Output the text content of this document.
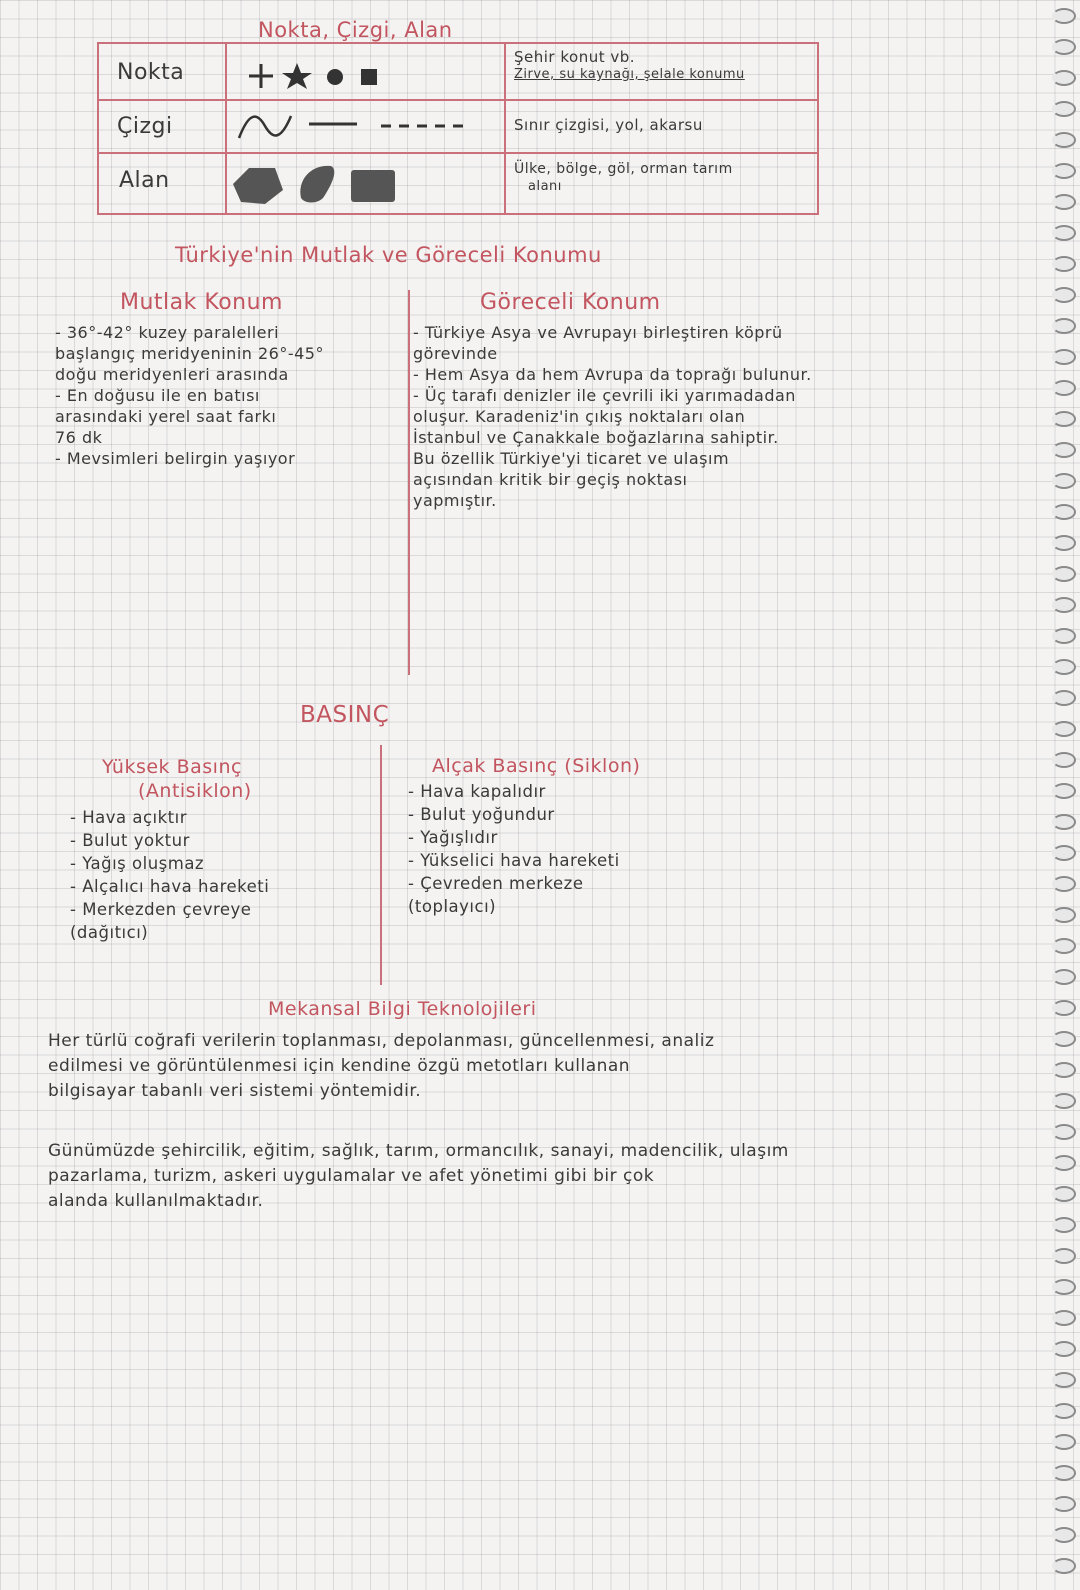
Nokta, Çizgi, Alan
Nokta
Çizgi
Alan
Şehir konut vb.
Zirve, su kaynağı, şelale konumu
Sınır çizgisi, yol, akarsu
Ülke, bölge, göl, orman tarım
alanı
Türkiye'nin Mutlak ve Göreceli Konumu
Mutlak Konum	Göreceli Konum
- 36°-42° kuzey paralelleri
başlangıç meridyeninin 26°-45°
doğu meridyenleri arasında
- En doğusu ile en batısı
arasındaki yerel saat farkı
76 dk
- Mevsimleri belirgin yaşıyor
- Türkiye Asya ve Avrupayı birleştiren köprü
görevinde
- Hem Asya da hem Avrupa da toprağı bulunur.
- Üç tarafı denizler ile çevrili iki yarımadadan
oluşur. Karadeniz'in çıkış noktaları olan
İstanbul ve Çanakkale boğazlarına sahiptir.
Bu özellik Türkiye'yi ticaret ve ulaşım
açısından kritik bir geçiş noktası
yapmıştır.
BASINÇ
Yüksek Basınç
(Antisiklon)
Alçak Basınç (Siklon)
- Hava açıktır
- Bulut yoktur
- Yağış oluşmaz
- Alçalıcı hava hareketi
- Merkezden çevreye
(dağıtıcı)
- Hava kapalıdır
- Bulut yoğundur
- Yağışlıdır
- Yükselici hava hareketi
- Çevreden merkeze
(toplayıcı)
Mekansal Bilgi Teknolojileri
Her türlü coğrafi verilerin toplanması, depolanması, güncellenmesi, analiz
edilmesi ve görüntülenmesi için kendine özgü metotları kullanan
bilgisayar tabanlı veri sistemi yöntemidir.
Günümüzde şehircilik, eğitim, sağlık, tarım, ormancılık, sanayi, madencilik, ulaşım
pazarlama, turizm, askeri uygulamalar ve afet yönetimi gibi bir çok
alanda kullanılmaktadır.
